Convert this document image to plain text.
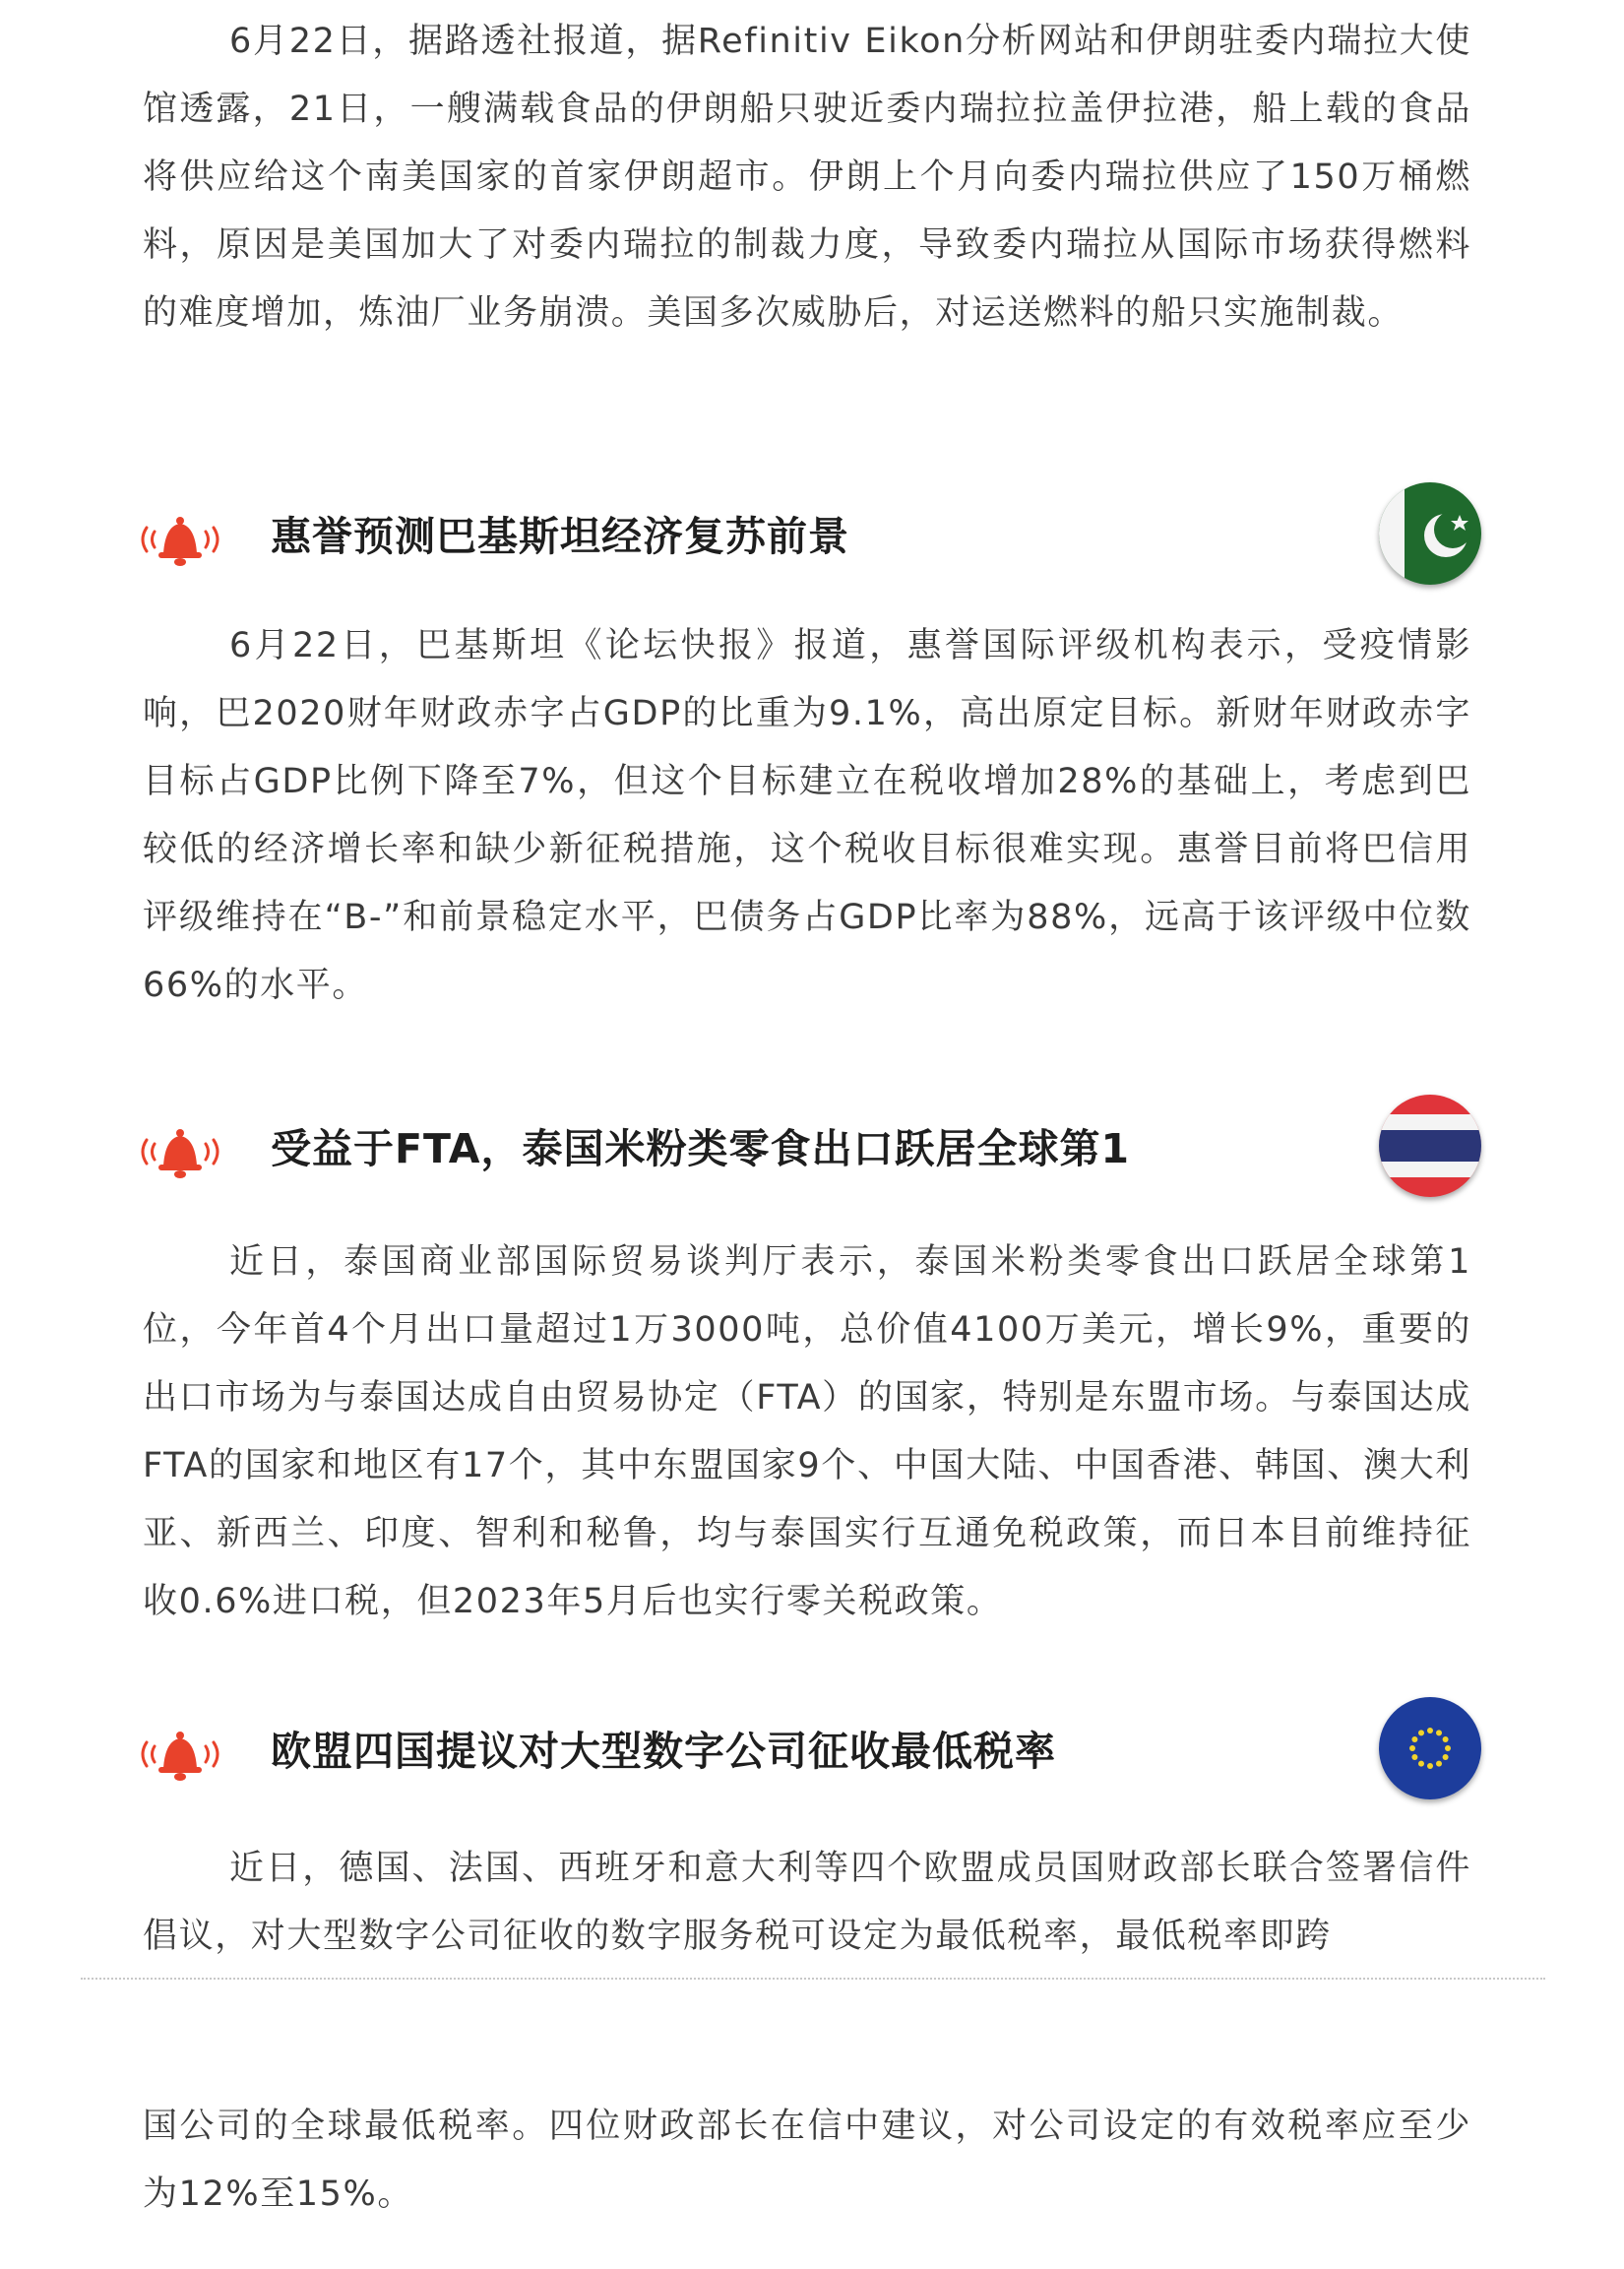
6月22日，据路透社报道，据Refinitiv Eikon分析网站和伊朗驻委内瑞拉大使馆透露，21日，一艘满载食品的伊朗船只驶近委内瑞拉拉盖伊拉港，船上载的食品将供应给这个南美国家的首家伊朗超市。伊朗上个月向委内瑞拉供应了150万桶燃料，原因是美国加大了对委内瑞拉的制裁力度，导致委内瑞拉从国际市场获得燃料的难度增加，炼油厂业务崩溃。美国多次威胁后，对运送燃料的船只实施制裁。

惠誉预测巴基斯坦经济复苏前景

6月22日，巴基斯坦《论坛快报》报道，惠誉国际评级机构表示，受疫情影响，巴2020财年财政赤字占GDP的比重为9.1%，高出原定目标。新财年财政赤字目标占GDP比例下降至7%，但这个目标建立在税收增加28%的基础上，考虑到巴较低的经济增长率和缺少新征税措施，这个税收目标很难实现。惠誉目前将巴信用评级维持在“B-”和前景稳定水平，巴债务占GDP比率为88%，远高于该评级中位数66%的水平。

受益于FTA，泰国米粉类零食出口跃居全球第1

近日，泰国商业部国际贸易谈判厅表示，泰国米粉类零食出口跃居全球第1位，今年首4个月出口量超过1万3000吨，总价值4100万美元，增长9%，重要的出口市场为与泰国达成自由贸易协定（FTA）的国家，特别是东盟市场。与泰国达成FTA的国家和地区有17个，其中东盟国家9个、中国大陆、中国香港、韩国、澳大利亚、新西兰、印度、智利和秘鲁，均与泰国实行互通免税政策，而日本目前维持征收0.6%进口税，但2023年5月后也实行零关税政策。

欧盟四国提议对大型数字公司征收最低税率

近日，德国、法国、西班牙和意大利等四个欧盟成员国财政部长联合签署信件倡议，对大型数字公司征收的数字服务税可设定为最低税率，最低税率即跨

国公司的全球最低税率。四位财政部长在信中建议，对公司设定的有效税率应至少为12%至15%。
